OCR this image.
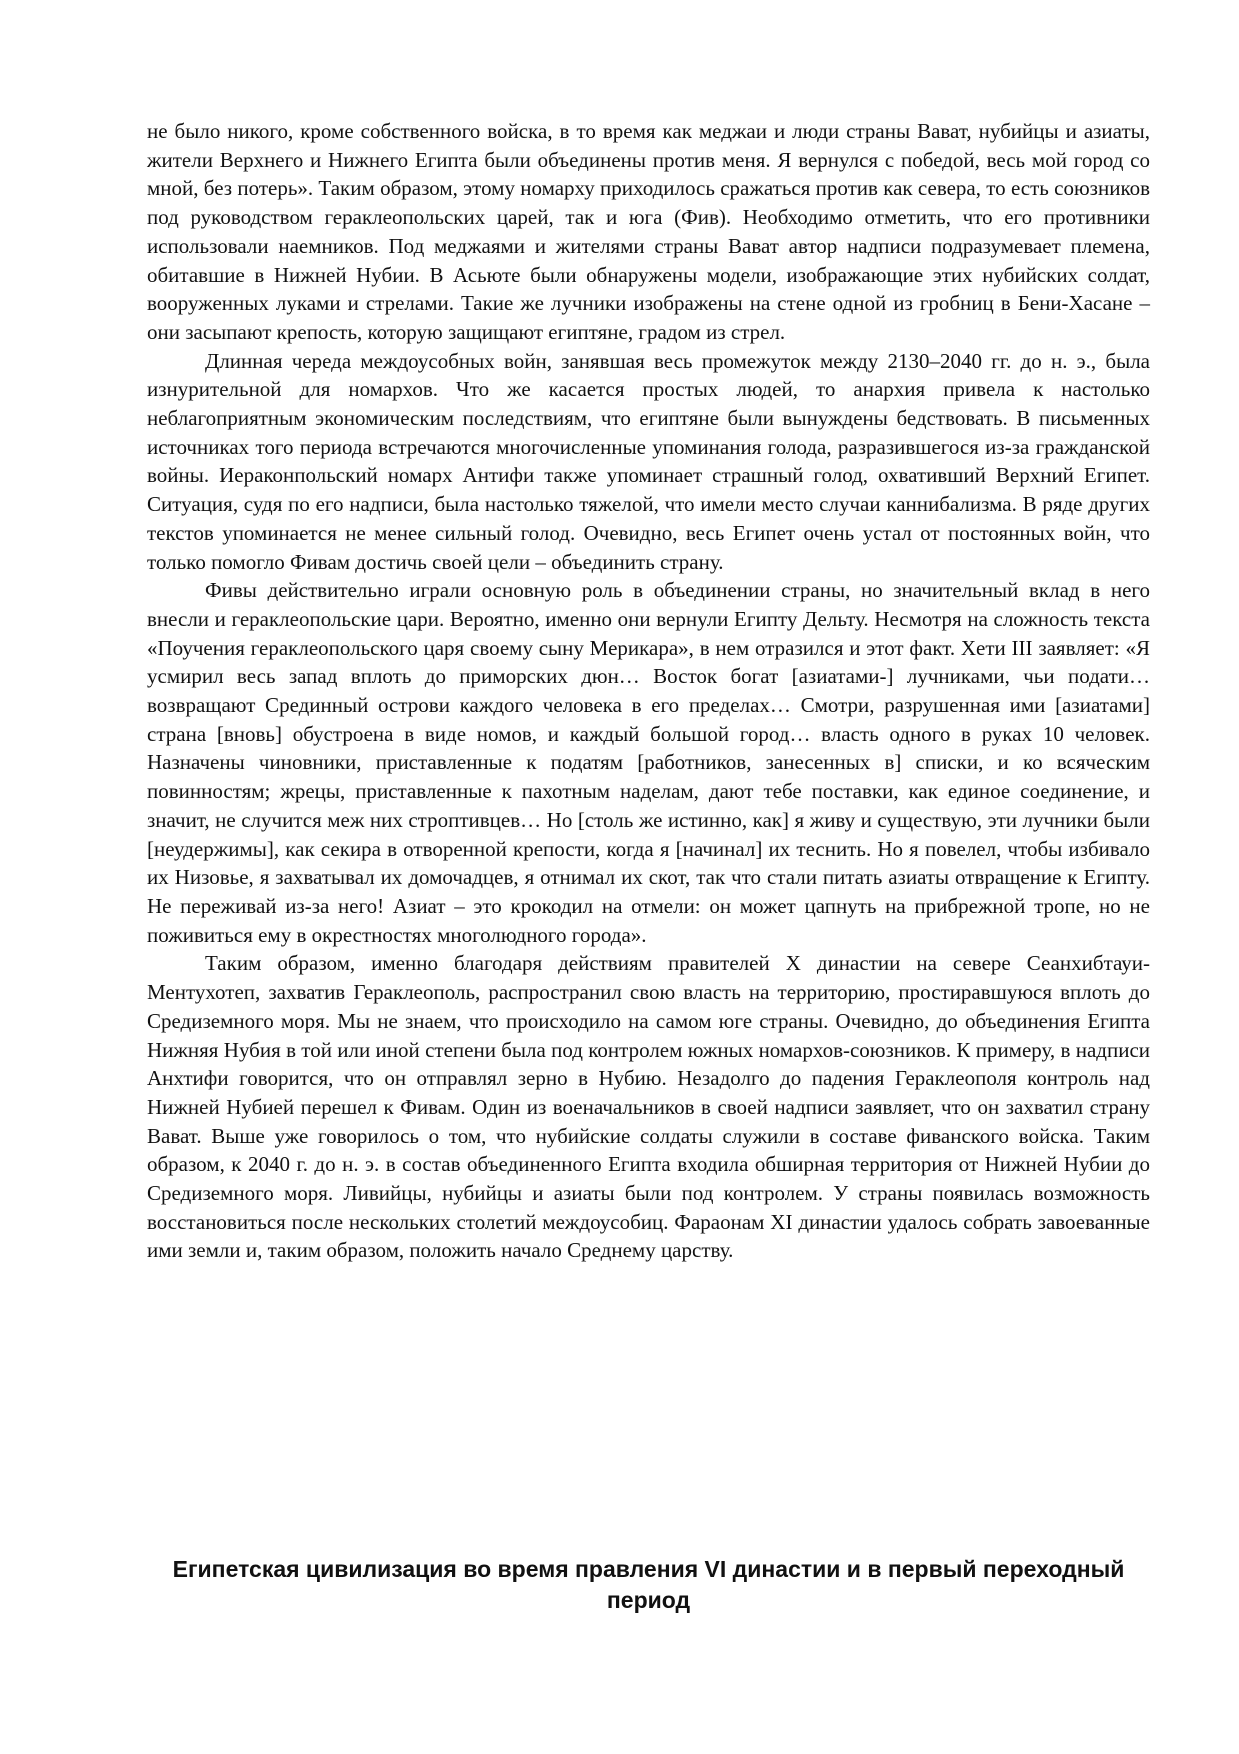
не было никого, кроме собственного войска, в то время как меджаи и люди страны Вават, нубийцы и азиаты, жители Верхнего и Нижнего Египта были объединены против меня. Я вернулся с победой, весь мой город со мной, без потерь». Таким образом, этому номарху приходилось сражаться против как севера, то есть союзников под руководством гераклеопольских царей, так и юга (Фив). Необходимо отметить, что его противники использовали наемников. Под меджаями и жителями страны Вават автор надписи подразумевает племена, обитавшие в Нижней Нубии. В Асьюте были обнаружены модели, изображающие этих нубийских солдат, вооруженных луками и стрелами. Такие же лучники изображены на стене одной из гробниц в Бени-Хасане – они засыпают крепость, которую защищают египтяне, градом из стрел.

Длинная череда междоусобных войн, занявшая весь промежуток между 2130–2040 гг. до н. э., была изнурительной для номархов. Что же касается простых людей, то анархия привела к настолько неблагоприятным экономическим последствиям, что египтяне были вынуждены бедствовать. В письменных источниках того периода встречаются многочисленные упоминания голода, разразившегося из-за гражданской войны. Иераконпольский номарх Антифи также упоминает страшный голод, охвативший Верхний Египет. Ситуация, судя по его надписи, была настолько тяжелой, что имели место случаи каннибализма. В ряде других текстов упоминается не менее сильный голод. Очевидно, весь Египет очень устал от постоянных войн, что только помогло Фивам достичь своей цели – объединить страну.

Фивы действительно играли основную роль в объединении страны, но значительный вклад в него внесли и гераклеопольские цари. Вероятно, именно они вернули Египту Дельту. Несмотря на сложность текста «Поучения гераклеопольского царя своему сыну Мерикара», в нем отразился и этот факт. Хети III заявляет: «Я усмирил весь запад вплоть до приморских дюн… Восток богат [азиатами-] лучниками, чьи подати… возвращают Срединный острови каждого человека в его пределах… Смотри, разрушенная ими [азиатами] страна [вновь] обустроена в виде номов, и каждый большой город… власть одного в руках 10 человек. Назначены чиновники, приставленные к податям [работников, занесенных в] списки, и ко всяческим повинностям; жрецы, приставленные к пахотным наделам, дают тебе поставки, как единое соединение, и значит, не случится меж них строптивцев… Но [столь же истинно, как] я живу и существую, эти лучники были [неудержимы], как секира в отворенной крепости, когда я [начинал] их теснить. Но я повелел, чтобы избивало их Низовье, я захватывал их домочадцев, я отнимал их скот, так что стали питать азиаты отвращение к Египту. Не переживай из-за него! Азиат – это крокодил на отмели: он может цапнуть на прибрежной тропе, но не поживиться ему в окрестностях многолюдного города».

Таким образом, именно благодаря действиям правителей X династии на севере Сеанхибтауи-Ментухотеп, захватив Гераклеополь, распространил свою власть на территорию, простиравшуюся вплоть до Средиземного моря. Мы не знаем, что происходило на самом юге страны. Очевидно, до объединения Египта Нижняя Нубия в той или иной степени была под контролем южных номархов-союзников. К примеру, в надписи Анхтифи говорится, что он отправлял зерно в Нубию. Незадолго до падения Гераклеополя контроль над Нижней Нубией перешел к Фивам. Один из военачальников в своей надписи заявляет, что он захватил страну Вават. Выше уже говорилось о том, что нубийские солдаты служили в составе фиванского войска. Таким образом, к 2040 г. до н. э. в состав объединенного Египта входила обширная территория от Нижней Нубии до Средиземного моря. Ливийцы, нубийцы и азиаты были под контролем. У страны появилась возможность восстановиться после нескольких столетий междоусобиц. Фараонам XI династии удалось собрать завоеванные ими земли и, таким образом, положить начало Среднему царству.

Египетская цивилизация во время правления VI династии и в первый переходный период
